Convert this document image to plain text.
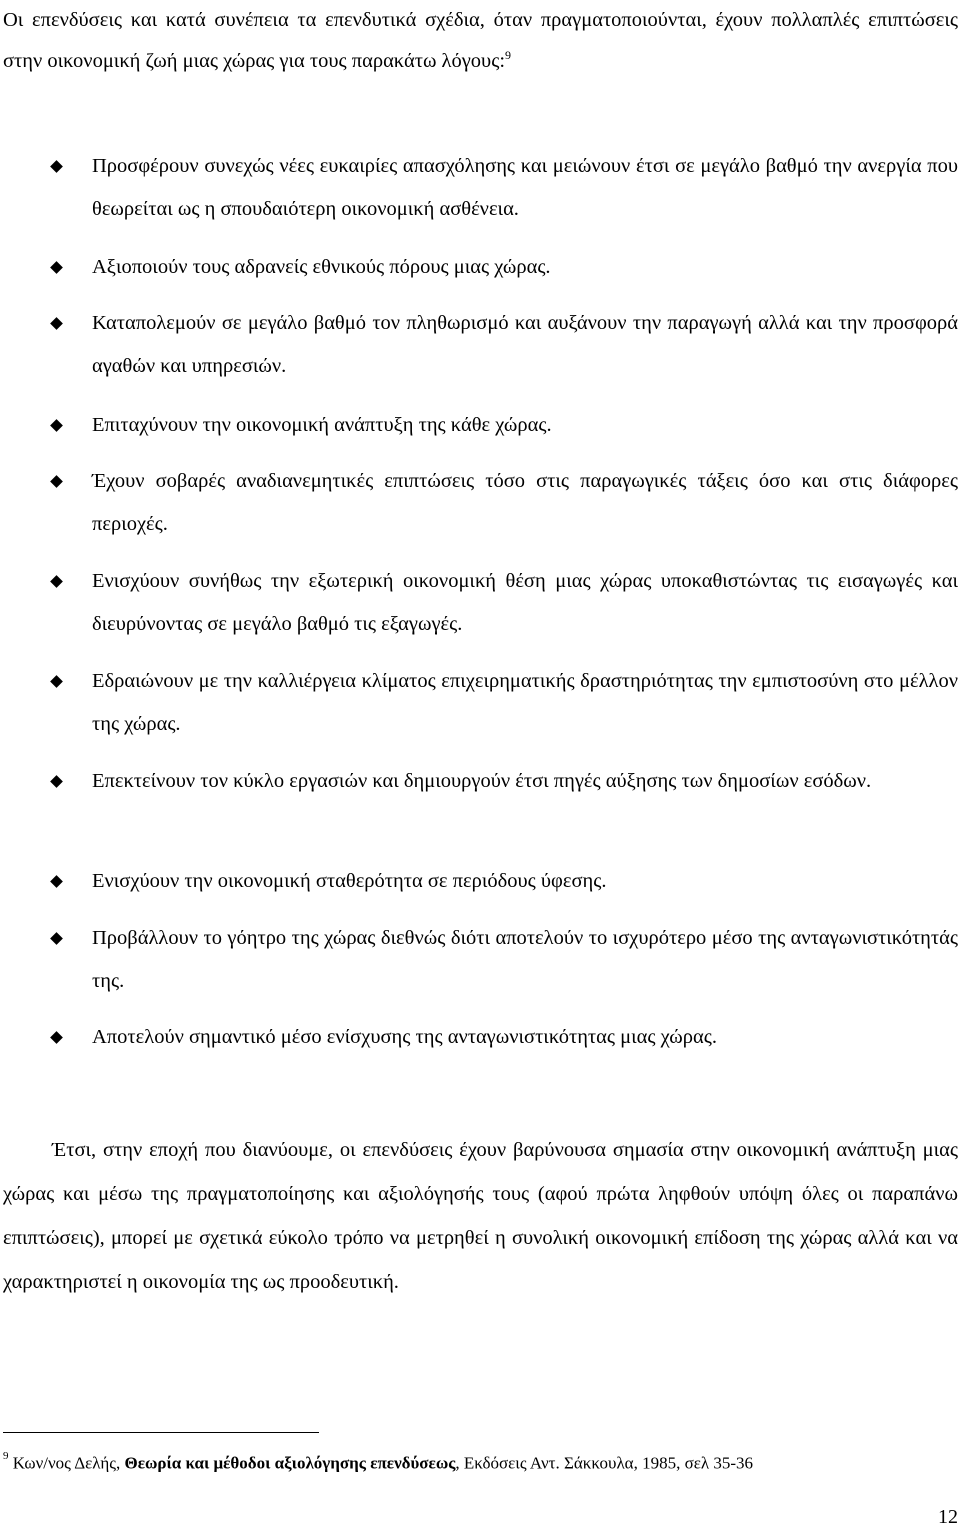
Οι επενδύσεις και κατά συνέπεια τα επενδυτικά σχέδια, όταν πραγματοποιούνται, έχουν πολλαπλές επιπτώσεις στην οικονομική ζωή μιας χώρας για τους παρακάτω λόγους:$^9$

Προσφέρουν συνεχώς νέες ευκαιρίες απασχόλησης και μειώνουν έτσι σε μεγάλο βαθμό την ανεργία που θεωρείται ως η σπουδαιότερη οικονομική ασθένεια.
Αξιοποιούν τους αδρανείς εθνικούς πόρους μιας χώρας.
Καταπολεμούν σε μεγάλο βαθμό τον πληθωρισμό και αυξάνουν την παραγωγή αλλά και την προσφορά αγαθών και υπηρεσιών.
Επιταχύνουν την οικονομική ανάπτυξη της κάθε χώρας.
Έχουν σοβαρές αναδιανεμητικές επιπτώσεις τόσο στις παραγωγικές τάξεις όσο και στις διάφορες περιοχές.
Ενισχύουν συνήθως την εξωτερική οικονομική θέση μιας χώρας υποκαθιστώντας τις εισαγωγές και διευρύνοντας σε μεγάλο βαθμό τις εξαγωγές.
Εδραιώνουν με την καλλιέργεια κλίματος επιχειρηματικής δραστηριότητας την εμπιστοσύνη στο μέλλον της χώρας.
Επεκτείνουν τον κύκλο εργασιών και δημιουργούν έτσι πηγές αύξησης των δημοσίων εσόδων.
Ενισχύουν την οικονομική σταθερότητα σε περιόδους ύφεσης.
Προβάλλουν το γόητρο της χώρας διεθνώς διότι αποτελούν το ισχυρότερο μέσο της ανταγωνιστικότητάς της.
Αποτελούν σημαντικό μέσο ενίσχυσης της ανταγωνιστικότητας μιας χώρας.

Έτσι, στην εποχή που διανύουμε, οι επενδύσεις έχουν βαρύνουσα σημασία στην οικονομική ανάπτυξη μιας χώρας και μέσω της πραγματοποίησης και αξιολόγησής τους (αφού πρώτα ληφθούν υπόψη όλες οι παραπάνω επιπτώσεις), μπορεί με σχετικά εύκολο τρόπο να μετρηθεί η συνολική οικονομική επίδοση της χώρας αλλά και να χαρακτηριστεί η οικονομία της ως προοδευτική.

$^9$ Κων/νος Δελής, Θεωρία και μέθοδοι αξιολόγησης επενδύσεως, Εκδόσεις Αντ. Σάκκουλα, 1985, σελ 35-36

12
